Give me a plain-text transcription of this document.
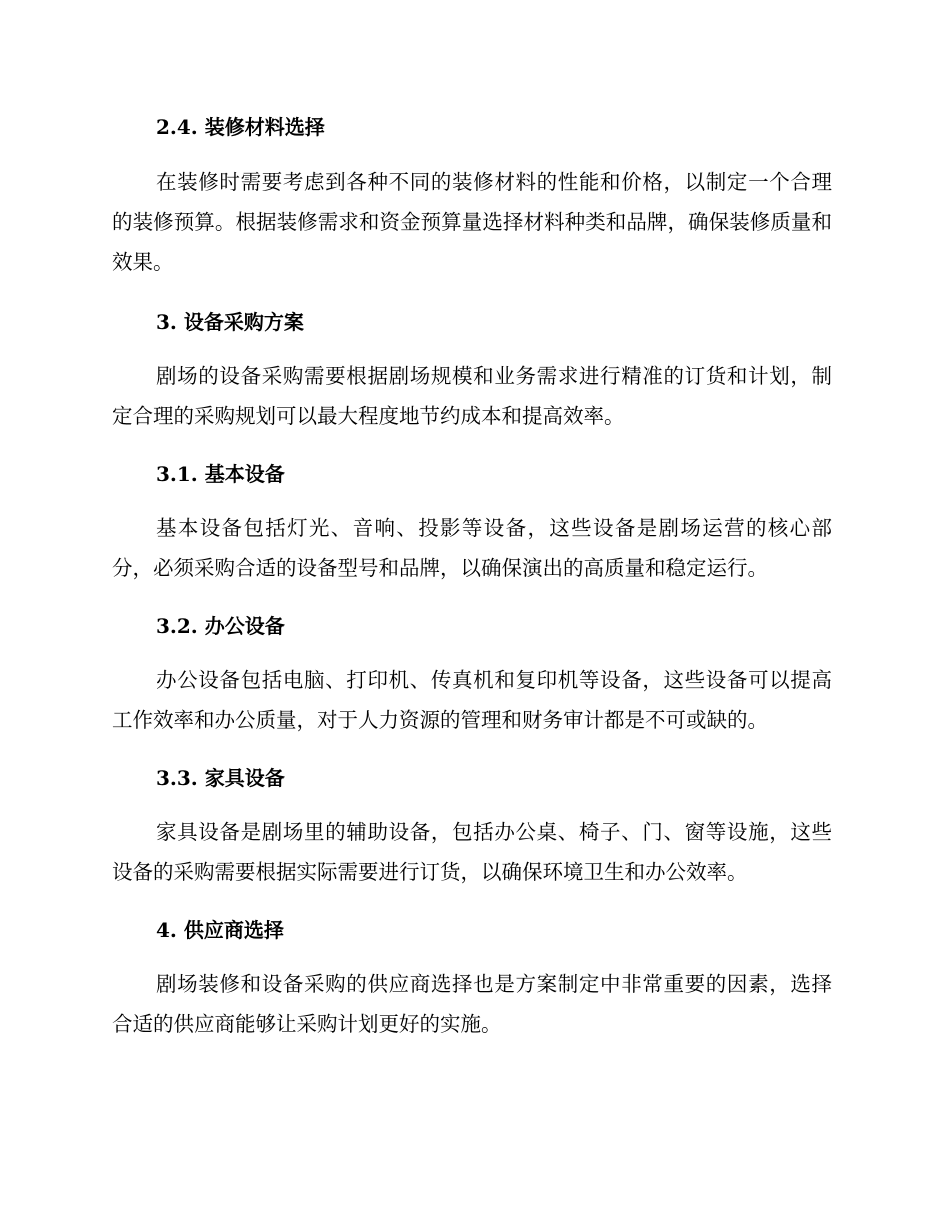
2.4. 装修材料选择

在装修时需要考虑到各种不同的装修材料的性能和价格，以制定一个合理的装修预算。根据装修需求和资金预算量选择材料种类和品牌，确保装修质量和效果。

3. 设备采购方案

剧场的设备采购需要根据剧场规模和业务需求进行精准的订货和计划，制定合理的采购规划可以最大程度地节约成本和提高效率。

3.1. 基本设备

基本设备包括灯光、音响、投影等设备，这些设备是剧场运营的核心部分，必须采购合适的设备型号和品牌，以确保演出的高质量和稳定运行。

3.2. 办公设备

办公设备包括电脑、打印机、传真机和复印机等设备，这些设备可以提高工作效率和办公质量，对于人力资源的管理和财务审计都是不可或缺的。

3.3. 家具设备

家具设备是剧场里的辅助设备，包括办公桌、椅子、门、窗等设施，这些设备的采购需要根据实际需要进行订货，以确保环境卫生和办公效率。

4. 供应商选择

剧场装修和设备采购的供应商选择也是方案制定中非常重要的因素，选择合适的供应商能够让采购计划更好的实施。
